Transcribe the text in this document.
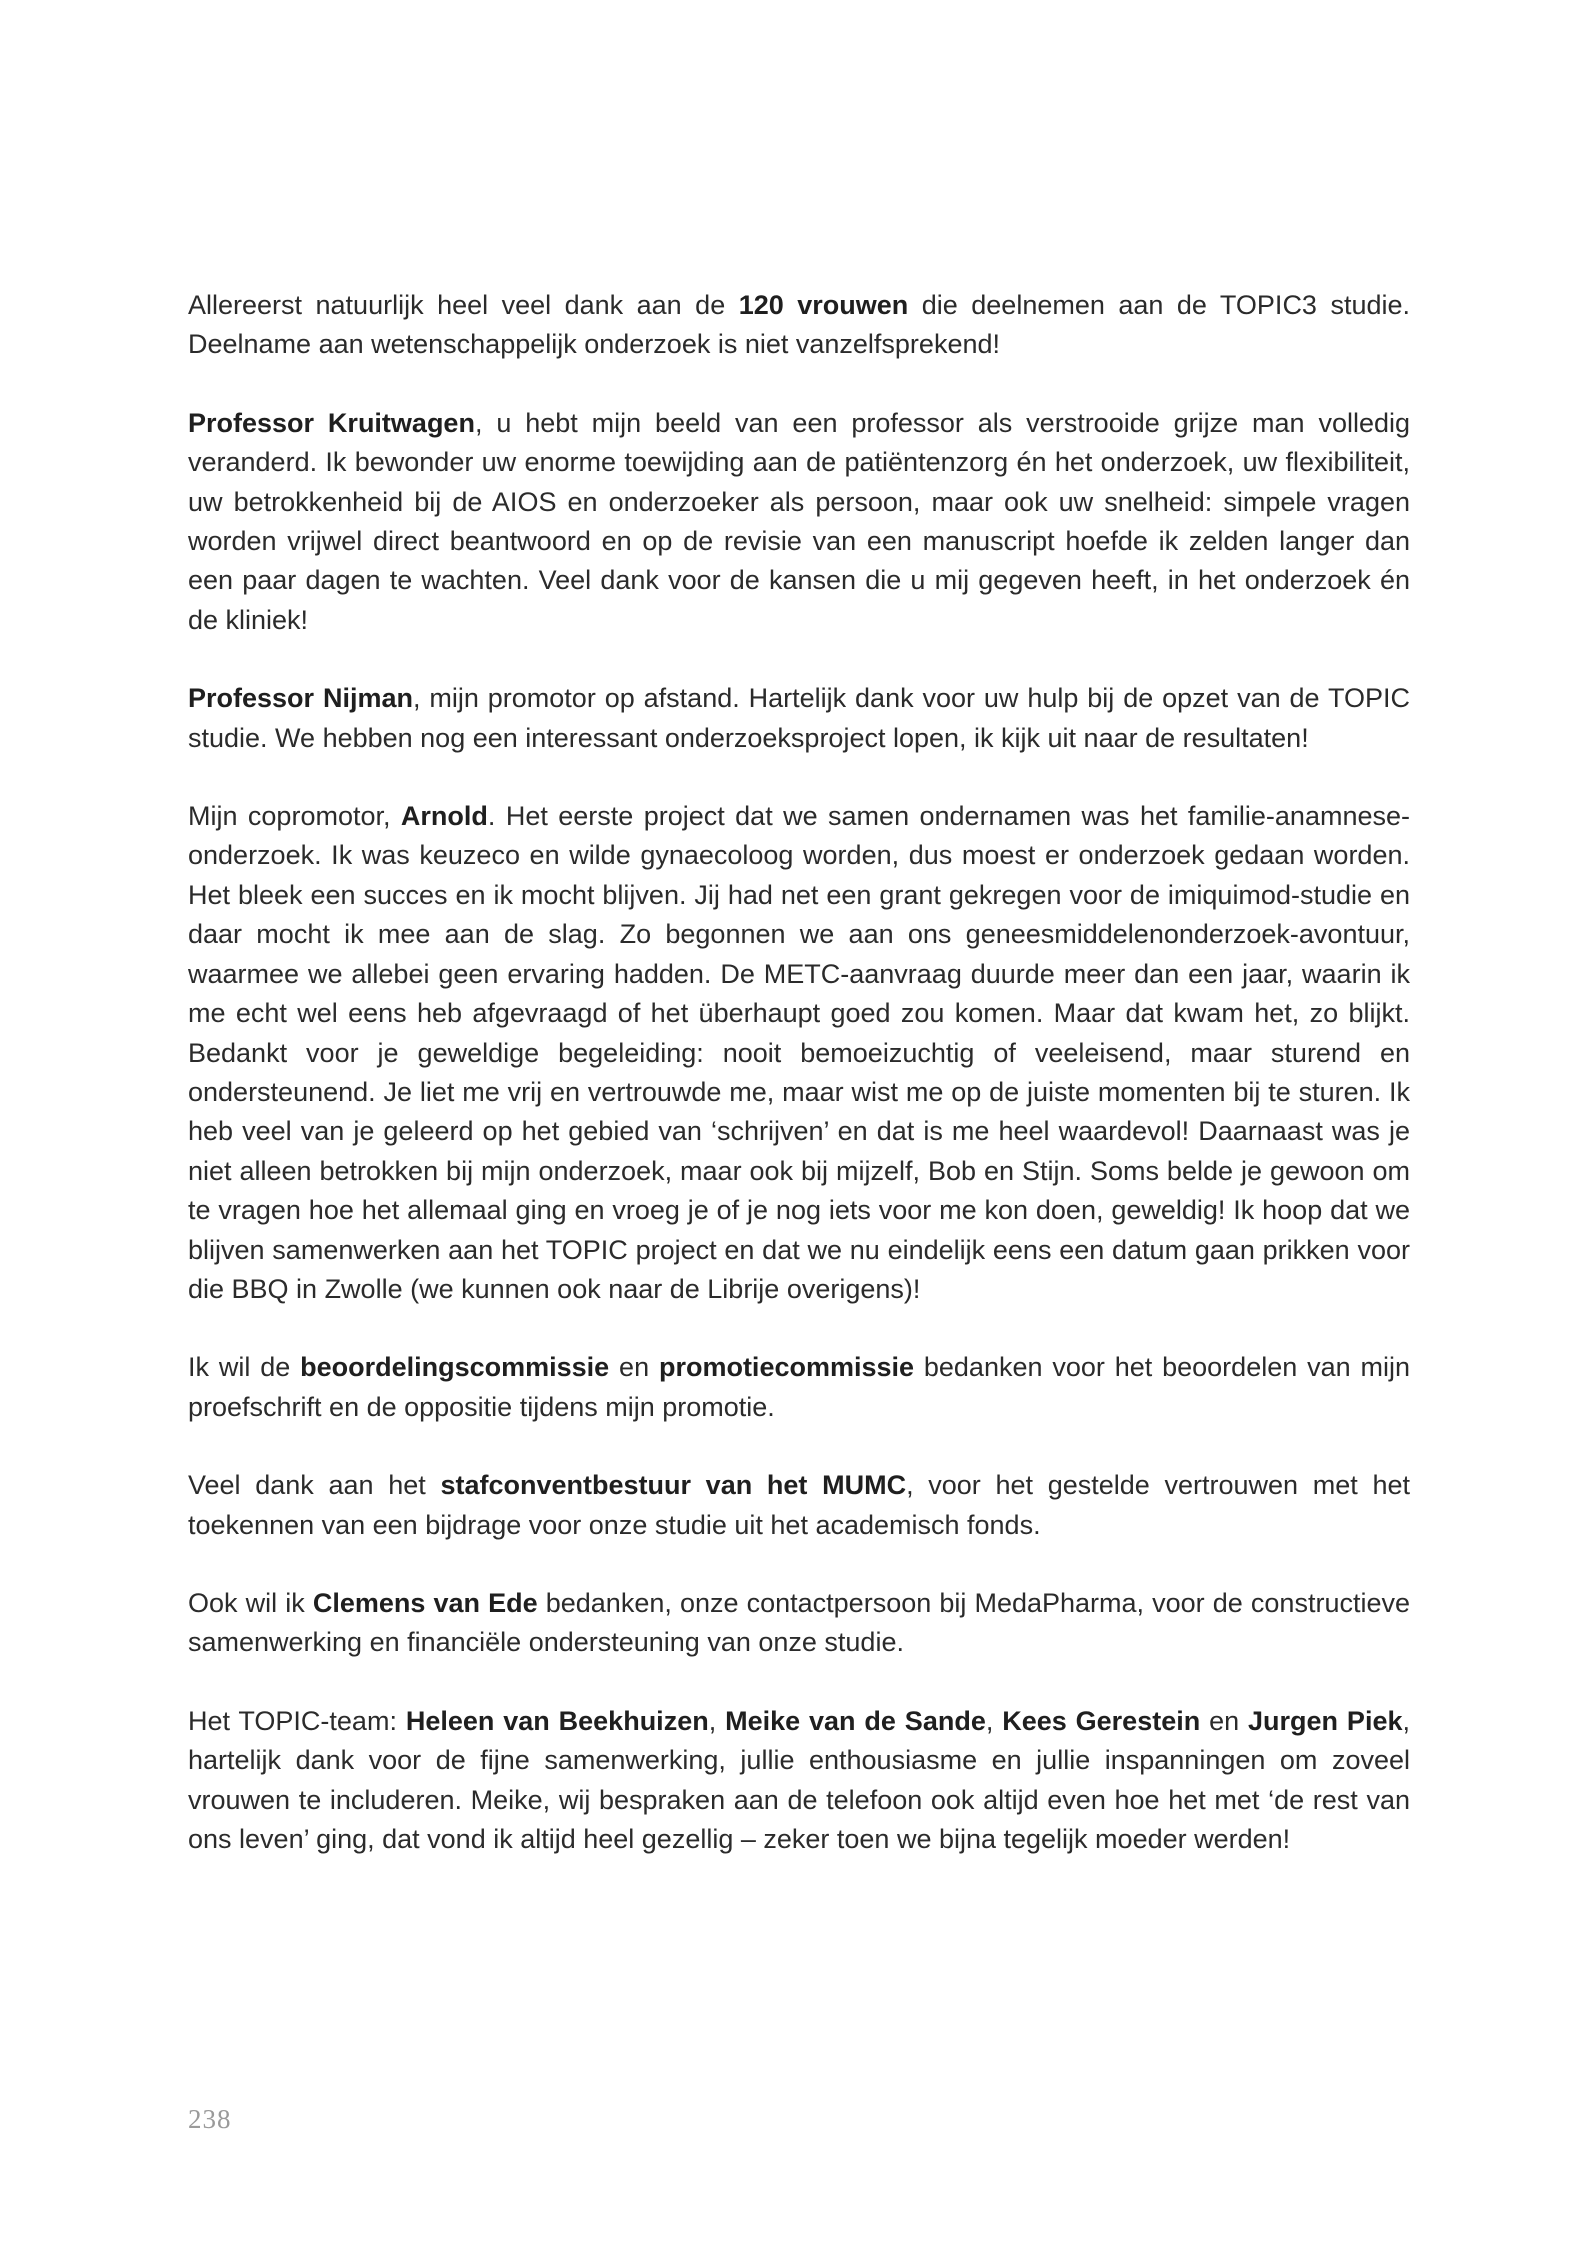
Allereerst natuurlijk heel veel dank aan de 120 vrouwen die deelnemen aan de TOPIC3 studie. Deelname aan wetenschappelijk onderzoek is niet vanzelfsprekend!

Professor Kruitwagen, u hebt mijn beeld van een professor als verstrooide grijze man volledig veranderd. Ik bewonder uw enorme toewijding aan de patiëntenzorg én het onderzoek, uw flexibiliteit, uw betrokkenheid bij de AIOS en onderzoeker als persoon, maar ook uw snelheid: simpele vragen worden vrijwel direct beantwoord en op de revisie van een manuscript hoefde ik zelden langer dan een paar dagen te wachten. Veel dank voor de kansen die u mij gegeven heeft, in het onderzoek én de kliniek!

Professor Nijman, mijn promotor op afstand. Hartelijk dank voor uw hulp bij de opzet van de TOPIC studie. We hebben nog een interessant onderzoeksproject lopen, ik kijk uit naar de resultaten!

Mijn copromotor, Arnold. Het eerste project dat we samen ondernamen was het familie-anamnese-onderzoek. Ik was keuzeco en wilde gynaecoloog worden, dus moest er onderzoek gedaan worden. Het bleek een succes en ik mocht blijven. Jij had net een grant gekregen voor de imiquimod-studie en daar mocht ik mee aan de slag. Zo begonnen we aan ons geneesmiddelenonderzoek-avontuur, waarmee we allebei geen ervaring hadden. De METC-aanvraag duurde meer dan een jaar, waarin ik me echt wel eens heb afgevraagd of het überhaupt goed zou komen. Maar dat kwam het, zo blijkt. Bedankt voor je geweldige begeleiding: nooit bemoeizuchtig of veeleisend, maar sturend en ondersteunend. Je liet me vrij en vertrouwde me, maar wist me op de juiste momenten bij te sturen. Ik heb veel van je geleerd op het gebied van ‘schrijven’ en dat is me heel waardevol! Daarnaast was je niet alleen betrokken bij mijn onderzoek, maar ook bij mijzelf, Bob en Stijn. Soms belde je gewoon om te vragen hoe het allemaal ging en vroeg je of je nog iets voor me kon doen, geweldig! Ik hoop dat we blijven samenwerken aan het TOPIC project en dat we nu eindelijk eens een datum gaan prikken voor die BBQ in Zwolle (we kunnen ook naar de Librije overigens)!

Ik wil de beoordelingscommissie en promotiecommissie bedanken voor het beoordelen van mijn proefschrift en de oppositie tijdens mijn promotie.

Veel dank aan het stafconventbestuur van het MUMC, voor het gestelde vertrouwen met het toekennen van een bijdrage voor onze studie uit het academisch fonds.

Ook wil ik Clemens van Ede bedanken, onze contactpersoon bij MedaPharma, voor de constructieve samenwerking en financiële ondersteuning van onze studie.

Het TOPIC-team: Heleen van Beekhuizen, Meike van de Sande, Kees Gerestein en Jurgen Piek, hartelijk dank voor de fijne samenwerking, jullie enthousiasme en jullie inspanningen om zoveel vrouwen te includeren. Meike, wij bespraken aan de telefoon ook altijd even hoe het met ‘de rest van ons leven’ ging, dat vond ik altijd heel gezellig – zeker toen we bijna tegelijk moeder werden!

238
